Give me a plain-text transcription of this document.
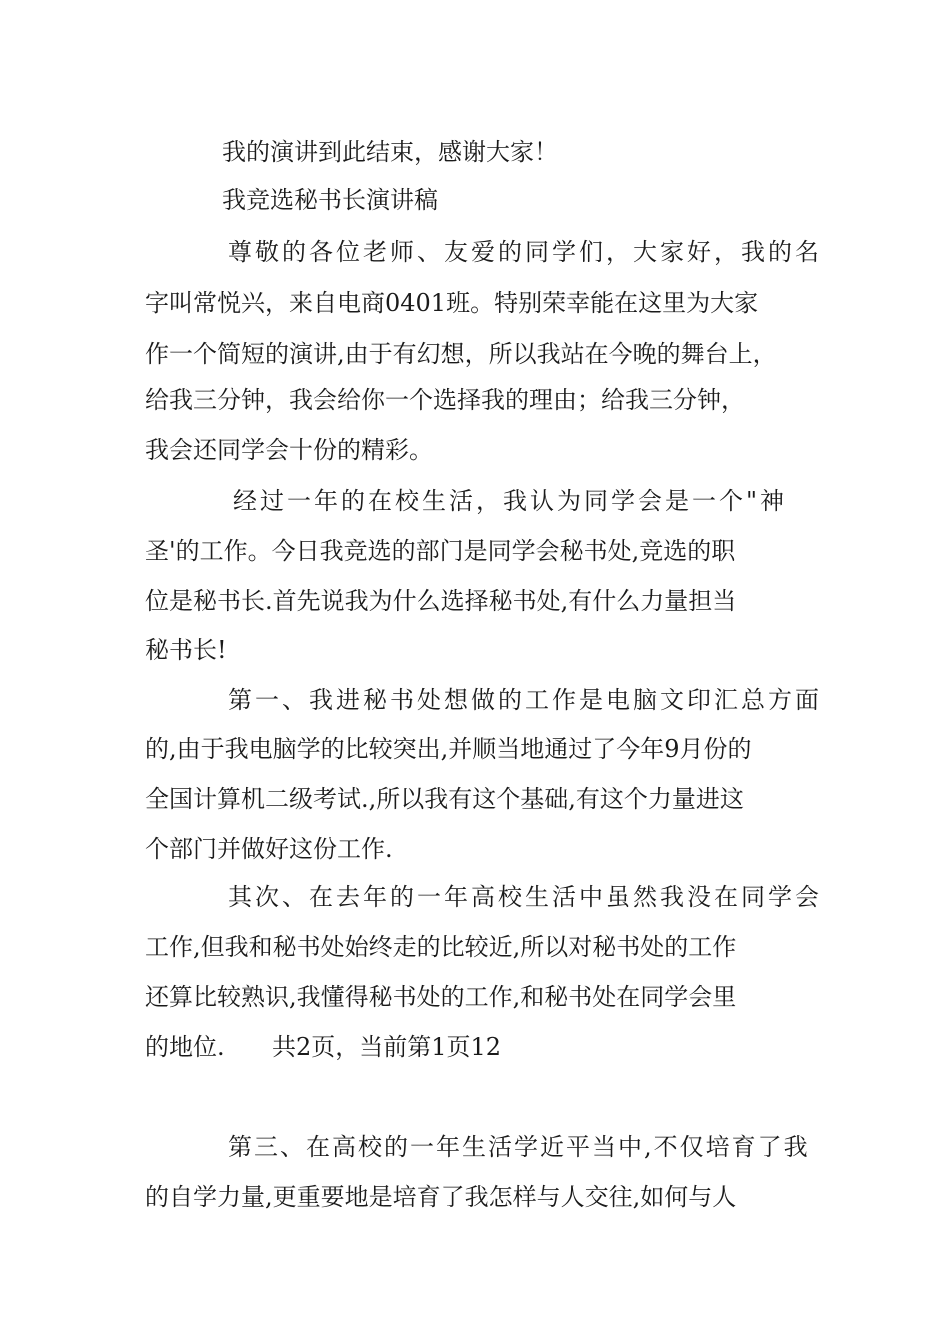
我的演讲到此结束，感谢大家！
我竞选秘书长演讲稿
尊敬的各位老师、友爱的同学们，大家好，我的名
字叫常悦兴，来自电商0401班。特别荣幸能在这里为大家
作一个简短的演讲,由于有幻想，所以我站在今晚的舞台上，
给我三分钟，我会给你一个选择我的理由；给我三分钟，
我会还同学会十份的精彩。
经过一年的在校生活，我认为同学会是一个"神
圣'的工作。今日我竞选的部门是同学会秘书处,竞选的职
位是秘书长.首先说我为什么选择秘书处,有什么力量担当
秘书长!
第一、我进秘书处想做的工作是电脑文印汇总方面
的,由于我电脑学的比较突出,并顺当地通过了今年9月份的
全国计算机二级考试.,所以我有这个基础,有这个力量进这
个部门并做好这份工作.
其次、在去年的一年高校生活中虽然我没在同学会
工作,但我和秘书处始终走的比较近,所以对秘书处的工作
还算比较熟识,我懂得秘书处的工作,和秘书处在同学会里
的地位. 共2页，当前第1页12
第三、在高校的一年生活学近平当中,不仅培育了我
的自学力量,更重要地是培育了我怎样与人交往,如何与人
